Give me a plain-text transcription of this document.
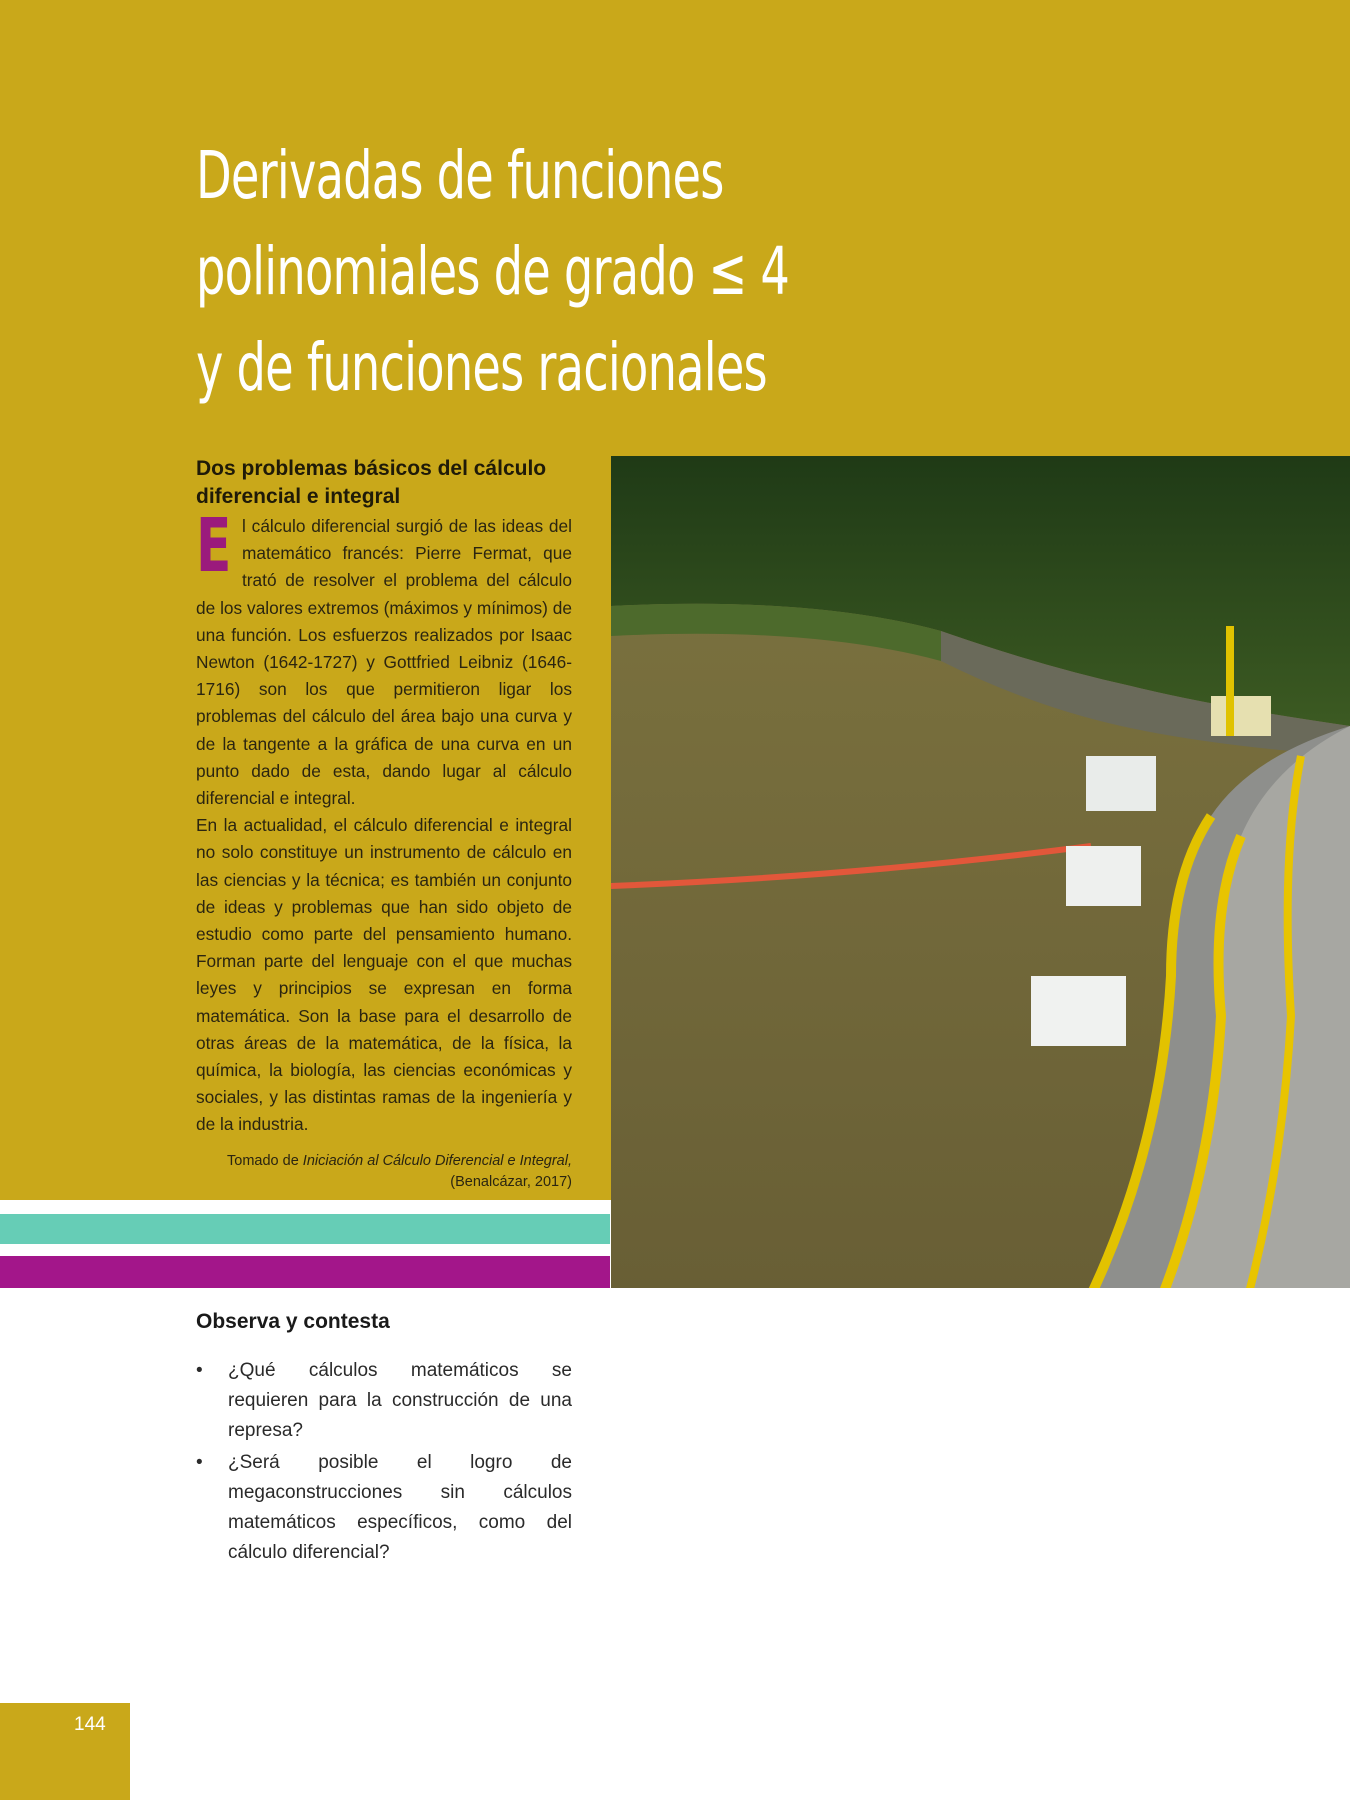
Derivadas de funciones
polinomiales de grado ≤ 4
y de funciones racionales
Dos problemas básicos del cálculo diferencial e integral

El cálculo diferencial surgió de las ideas del matemático francés: Pierre Fermat, que trató de resolver el problema del cálculo de los valores extremos (máximos y mínimos) de una función. Los esfuerzos realizados por Isaac Newton (1642-1727) y Gottfried Leibniz (1646-1716) son los que permitieron ligar los problemas del cálculo del área bajo una curva y de la tangente a la gráfica de una curva en un punto dado de esta, dando lugar al cálculo diferencial e integral.

En la actualidad, el cálculo diferencial e integral no solo constituye un instrumento de cálculo en las ciencias y la técnica; es también un conjunto de ideas y problemas que han sido objeto de estudio como parte del pensamiento humano. Forman parte del lenguaje con el que muchas leyes y principios se expresan en forma matemática. Son la base para el desarrollo de otras áreas de la matemática, de la física, la química, la biología, las ciencias económicas y sociales, y las distintas ramas de la ingeniería y de la industria.

Tomado de Iniciación al Cálculo Diferencial e Integral,
(Benalcázar, 2017)
Observa y contesta
• ¿Qué cálculos matemáticos se requieren para la construcción de una represa?
• ¿Será posible el logro de megaconstrucciones sin cálculos matemáticos específicos, como del cálculo diferencial?
144
